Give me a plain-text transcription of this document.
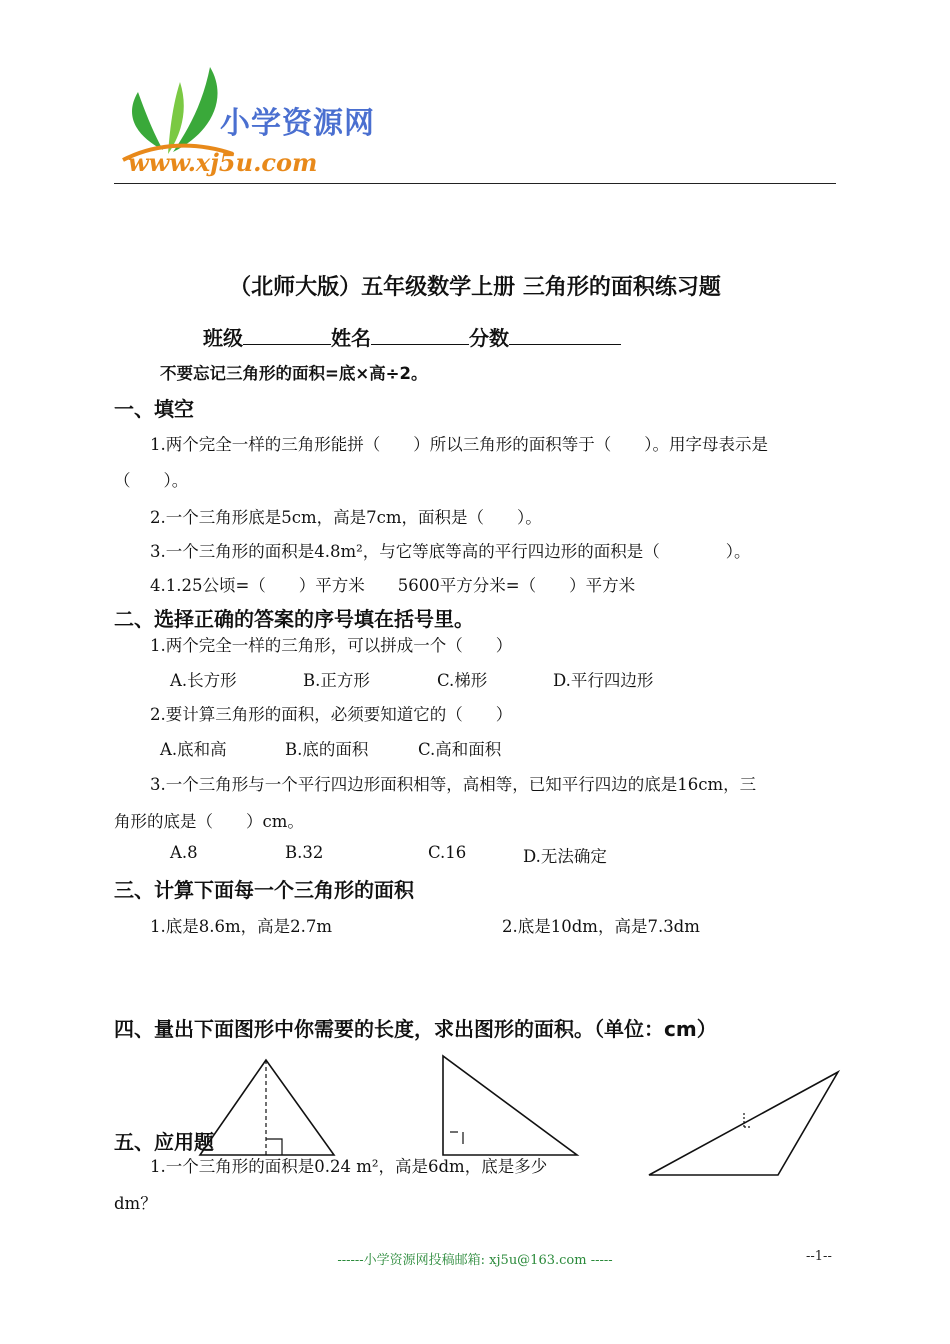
小学资源网
www.xj5u.com
（北师大版）五年级数学上册 三角形的面积练习题
班级	姓名	分数
不要忘记三角形的面积=底×高÷2。
一、填空
1.两个完全一样的三角形能拼（　　）所以三角形的面积等于（　　）。用字母表示是
（　　）。
2.一个三角形底是5cm，高是7cm，面积是（　　）。
3.一个三角形的面积是4.8m²，与它等底等高的平行四边形的面积是（　　　　）。
4.1.25公顷=（　　）平方米　　5600平方分米=（　　）平方米
二、选择正确的答案的序号填在括号里。
1.两个完全一样的三角形，可以拼成一个（　　）
A.长方形	B.正方形	C.梯形	D.平行四边形
2.要计算三角形的面积，必须要知道它的（　　）
A.底和高	B.底的面积	C.高和面积
3.一个三角形与一个平行四边形面积相等，高相等，已知平行四边的底是16cm，三
角形的底是（　　）cm。
A.8	B.32	C.16	D.无法确定
三、计算下面每一个三角形的面积
1.底是8.6m，高是2.7m	2.底是10dm，高是7.3dm
四、量出下面图形中你需要的长度，求出图形的面积。（单位：cm）
五、应用题
1.一个三角形的面积是0.24 m²，高是6dm，底是多少
dm？
------小学资源网投稿邮箱: xj5u@163.com -----	--1--
